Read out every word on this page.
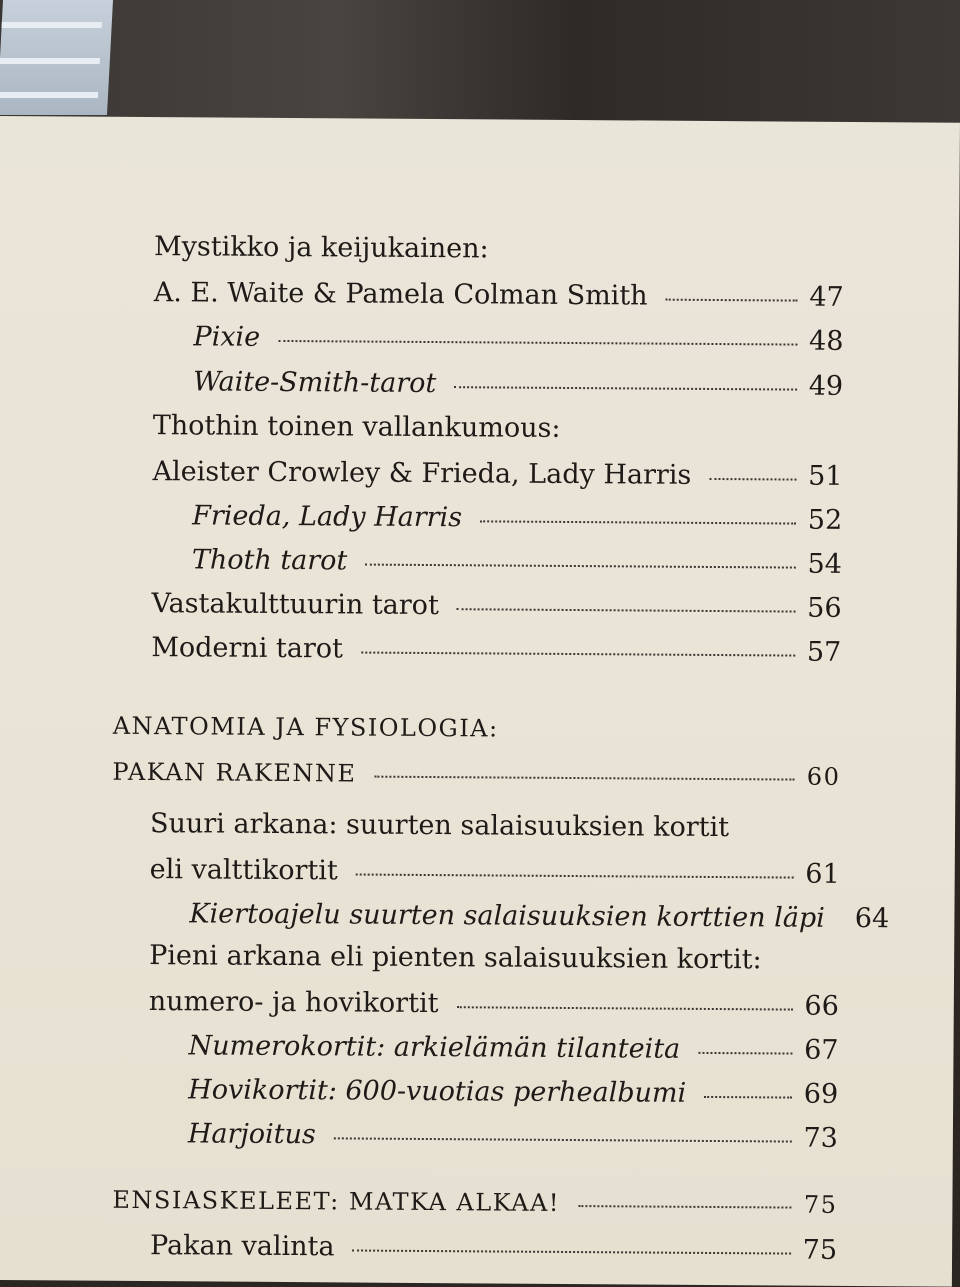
Mystikko ja keijukainen:
A. E. Waite & Pamela Colman Smith	47
Pixie	48
Waite-Smith-tarot	49
Thothin toinen vallankumous:
Aleister Crowley & Frieda, Lady Harris	51
Frieda, Lady Harris	52
Thoth tarot	54
Vastakulttuurin tarot	56
Moderni tarot	57
ANATOMIA JA FYSIOLOGIA:
PAKAN RAKENNE	60
Suuri arkana: suurten salaisuuksien kortit
eli valttikortit	61
Kiertoajelu suurten salaisuuksien korttien läpi 64
Pieni arkana eli pienten salaisuuksien kortit:
numero- ja hovikortit	66
Numerokortit: arkielämän tilanteita	67
Hovikortit: 600-vuotias perhealbumi	69
Harjoitus	73
ENSIASKELEET: MATKA ALKAA!	75
Pakan valinta	75
